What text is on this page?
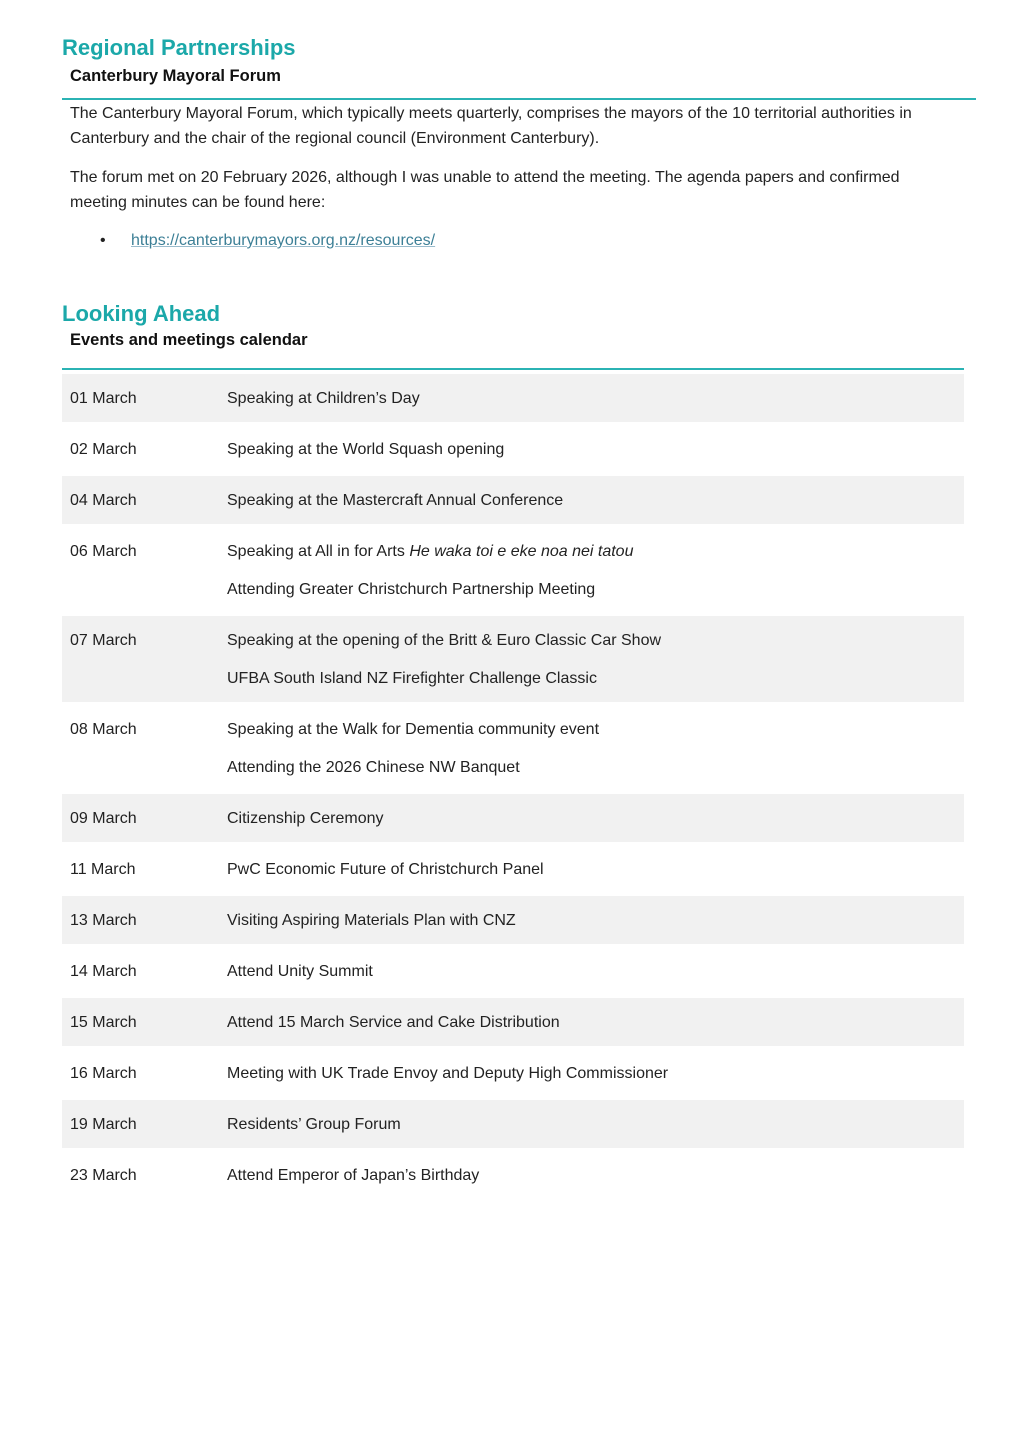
Regional Partnerships
Canterbury Mayoral Forum
The Canterbury Mayoral Forum, which typically meets quarterly, comprises the mayors of the 10 territorial authorities in Canterbury and the chair of the regional council (Environment Canterbury).
The forum met on 20 February 2026, although I was unable to attend the meeting. The agenda papers and confirmed meeting minutes can be found here:
• https://canterburymayors.org.nz/resources/
Looking Ahead
Events and meetings calendar
01 March	Speaking at Children’s Day

02 March	Speaking at the World Squash opening

04 March	Speaking at the Mastercraft Annual Conference

06 March	Speaking at All in for Arts He waka toi e eke noa nei tatou
Attending Greater Christchurch Partnership Meeting

07 March	Speaking at the opening of the Britt & Euro Classic Car Show
UFBA South Island NZ Firefighter Challenge Classic

08 March	Speaking at the Walk for Dementia community event
Attending the 2026 Chinese NW Banquet

09 March	Citizenship Ceremony

11 March	PwC Economic Future of Christchurch Panel

13 March	Visiting Aspiring Materials Plan with CNZ

14 March	Attend Unity Summit

15 March	Attend 15 March Service and Cake Distribution

16 March	Meeting with UK Trade Envoy and Deputy High Commissioner

19 March	Residents’ Group Forum

23 March	Attend Emperor of Japan’s Birthday
